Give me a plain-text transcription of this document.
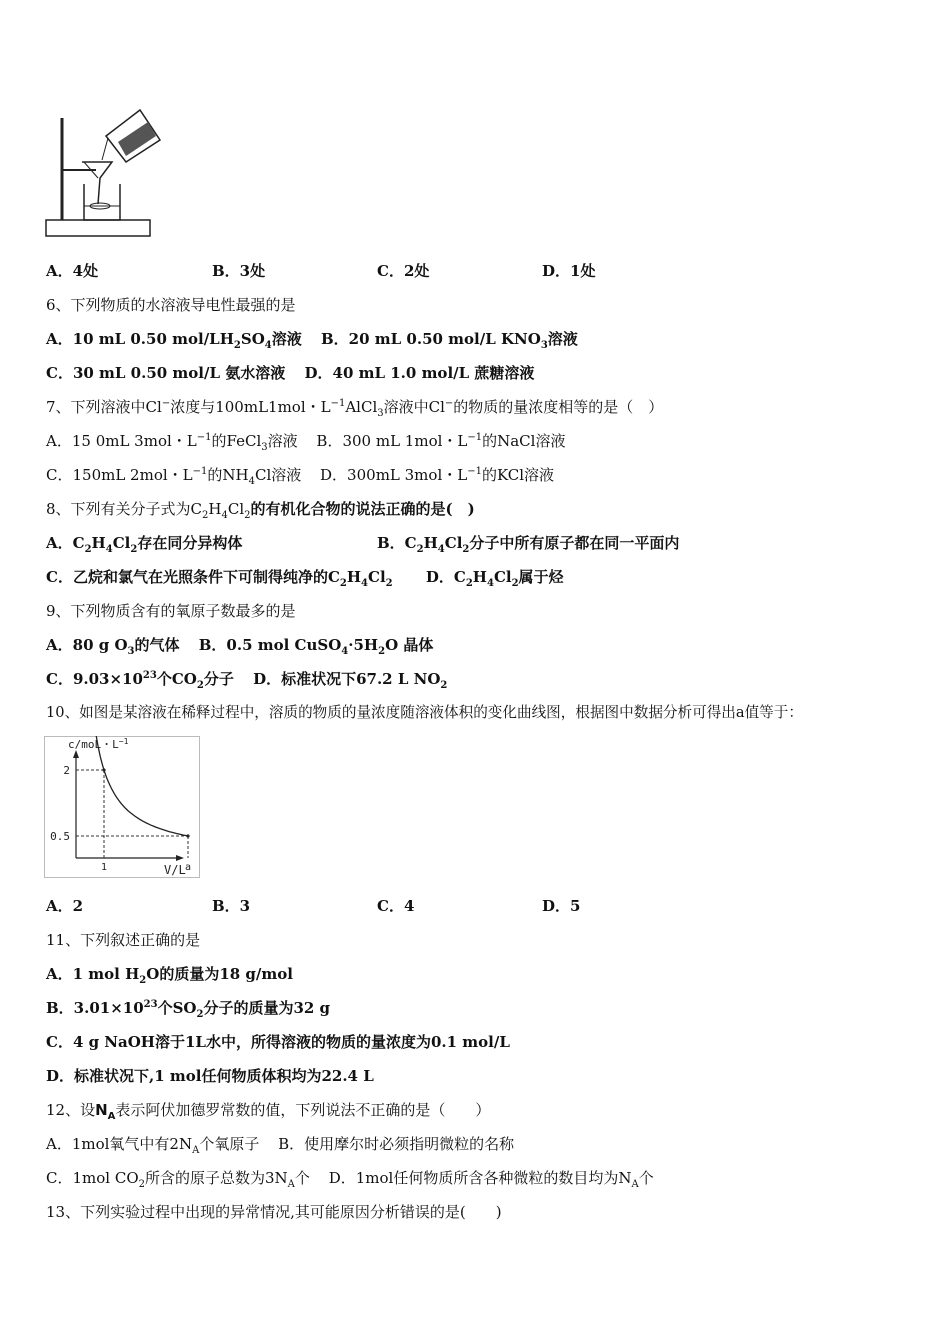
A．4处	B．3处	C．2处	D．1处
6、下列物质的水溶液导电性最强的是
A．10 mL 0.50 mol/$LH_2SO_4$溶液 B．20 mL 0.50 mol/L $KNO_3$溶液
C．30 mL 0.50 mol/L 氨水溶液 D．40 mL 1.0 mol/L 蔗糖溶液
7、下列溶液中Cl−浓度与100mL1mol・$L^{-1}AlCl_3$溶液中Cl−的物质的量浓度相等的是（　）
A．15 0mL 3mol・$L^{-1}$的FeCl$_3$溶液 B．300 mL 1mol・$L^{-1}$的NaCl溶液
C．150mL 2mol・$L^{-1}$的$NH_4Cl$溶液 D．300mL 3mol・$L^{-1}$的KCl溶液
8、下列有关分子式为$C_2H_4Cl_2$的有机化合物的说法正确的是(　)
A．$C_2H_4Cl_2$存在同分异构体	B．$C_2H_4Cl_2$分子中所有原子都在同一平面内
C．乙烷和氯气在光照条件下可制得纯净的$C_2H_4Cl_2$ D．$C_2H_4Cl_2$属于烃
9、下列物质含有的氧原子数最多的是
A．80 g $O_3$的气体 B．0.5 mol $CuSO_4\cdot 5H_2O$ 晶体
C．$9.03\times 10^{23}$个$CO_2$分子 D．标准状况下67.2 L $NO_2$
10、如图是某溶液在稀释过程中，溶质的物质的量浓度随溶液体积的变化曲线图，根据图中数据分析可得出a值等于：
c/moL・$L^{-1}$
V/L
2
0.5
1	a
A．2	B．3	C．4	D．5
11、下列叙述正确的是
A．1 mol $H_2O$的质量为18 g/mol
B．$3.01\times 10^{23}$个$SO_2$分子的质量为32 g
C．4 g NaOH溶于1L水中，所得溶液的物质的量浓度为0.1 mol/L
D．标准状况下,1 mol任何物质体积均为22.4 L
12、设$N_A$表示阿伏加德罗常数的值，下列说法不正确的是（　　）
A．1mol氧气中有$2N_A$个氧原子 B．使用摩尔时必须指明微粒的名称
C．1mol $CO_2$所含的原子总数为$3N_A$个 D．1mol任何物质所含各种微粒的数目均为$N_A$个
13、下列实验过程中出现的异常情况,其可能原因分析错误的是(　　)
